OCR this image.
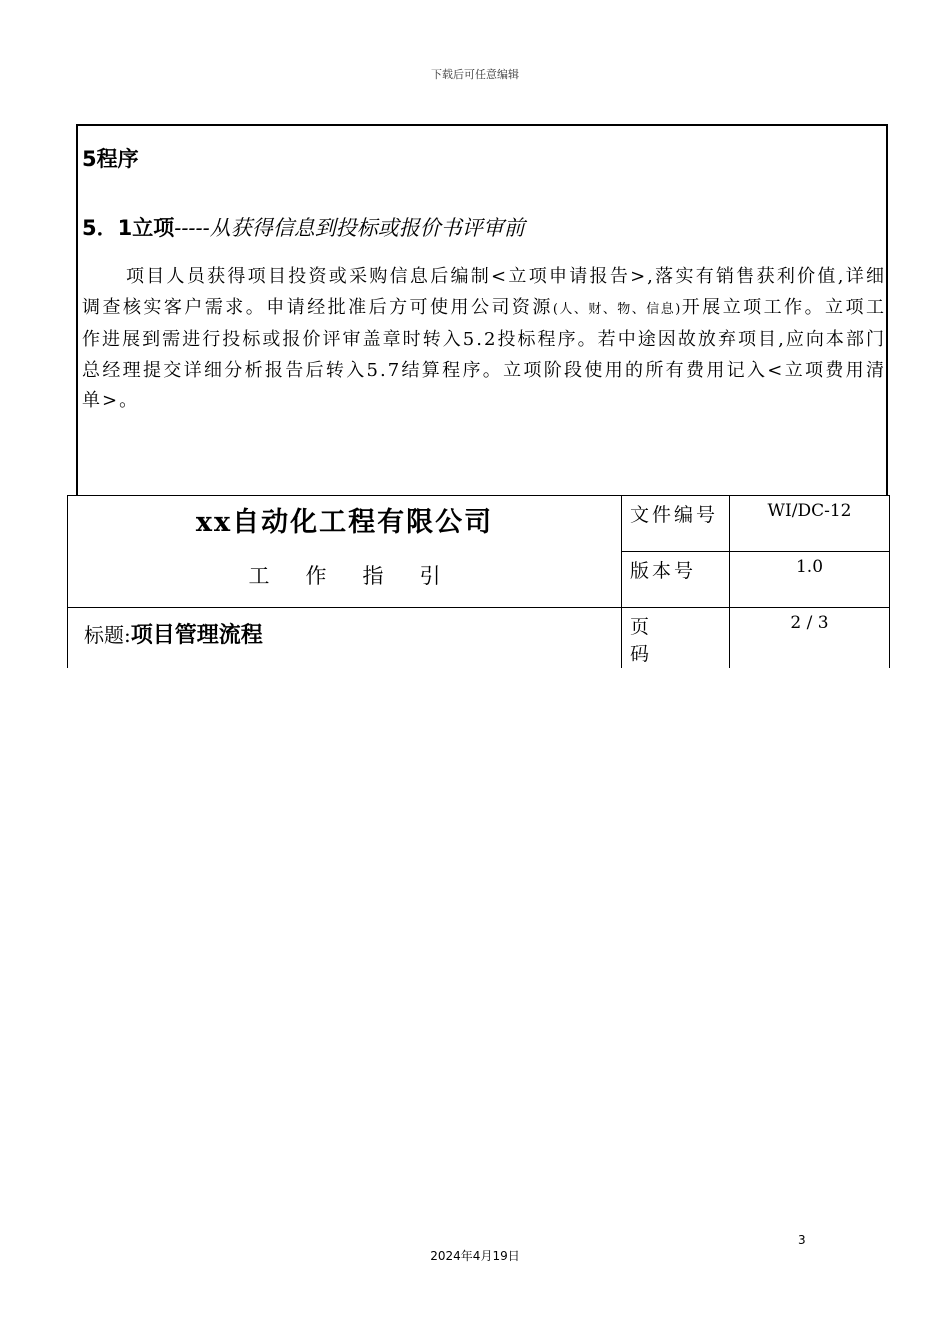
下载后可任意编辑
5程序
5．1立项-----从获得信息到投标或报价书评审前
项目人员获得项目投资或采购信息后编制<立项申请报告>,落实有销售获利价值,详细调查核实客户需求。申请经批准后方可使用公司资源(人、财、物、信息)开展立项工作。立项工作进展到需进行投标或报价评审盖章时转入5.2投标程序。若中途因故放弃项目,应向本部门总经理提交详细分析报告后转入5.7结算程序。立项阶段使用的所有费用记入<立项费用清单>。
xx自动化工程有限公司
工作指引	文件编号	WI/DC-12
	版本号	1.0
标题:项目管理流程	页码	2 / 3
3
2024年4月19日
